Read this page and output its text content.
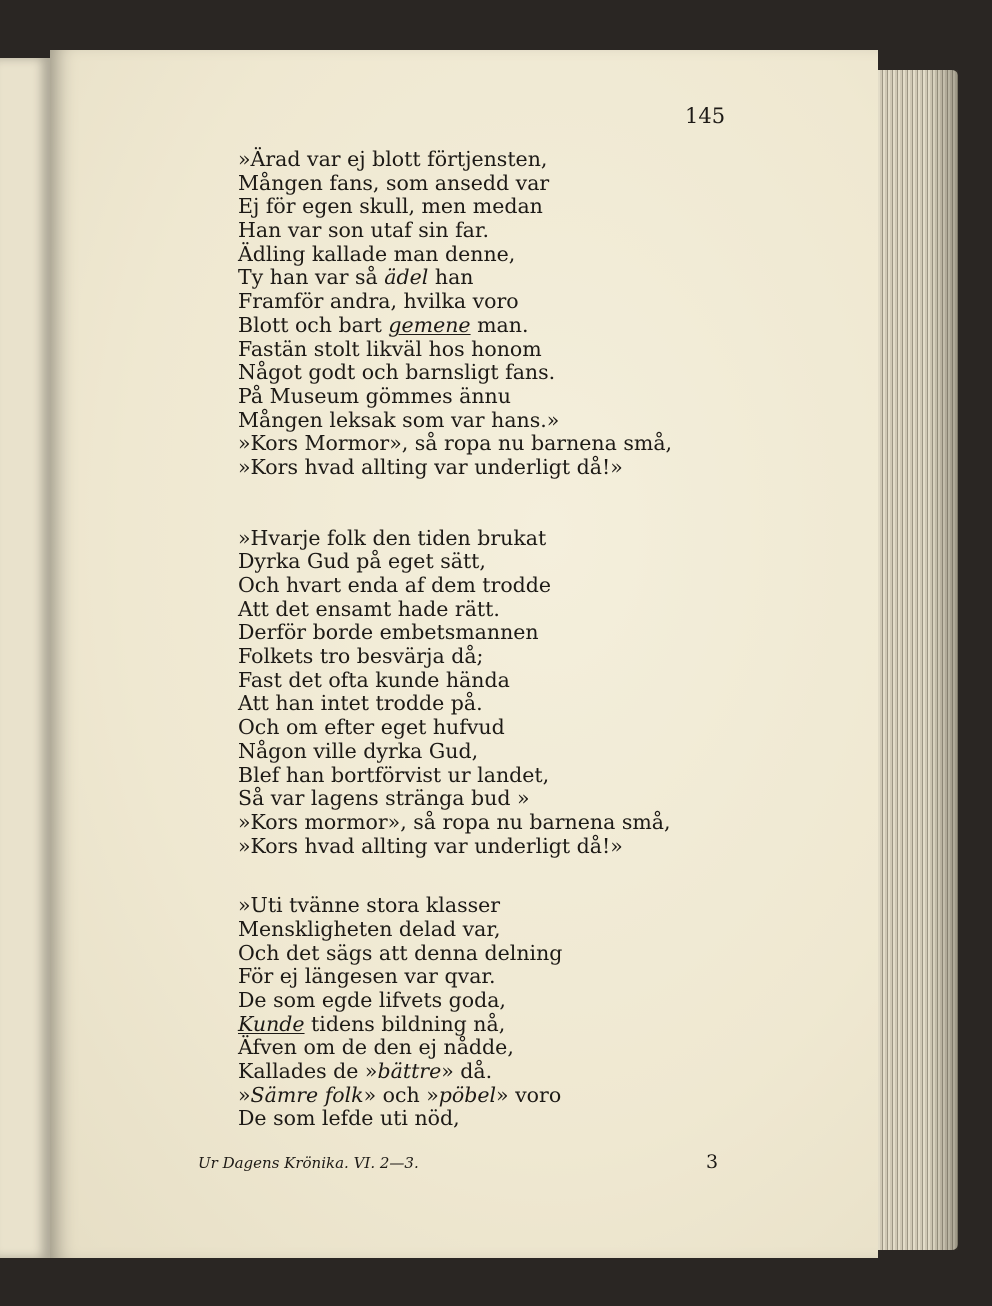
145
»Ärad var ej blott förtjensten,
Mången fans, som ansedd var
Ej för egen skull, men medan
Han var son utaf sin far.
Ädling kallade man denne,
Ty han var så ädel han
Framför andra, hvilka voro
Blott och bart gemene man.
Fastän stolt likväl hos honom
Något godt och barnsligt fans.
På Museum gömmes ännu
Mången leksak som var hans.»
»Kors Mormor», så ropa nu barnena små,
»Kors hvad allting var underligt då!»
»Hvarje folk den tiden brukat
Dyrka Gud på eget sätt,
Och hvart enda af dem trodde
Att det ensamt hade rätt.
Derför borde embetsmannen
Folkets tro besvärja då;
Fast det ofta kunde hända
Att han intet trodde på.
Och om efter eget hufvud
Någon ville dyrka Gud,
Blef han bortförvist ur landet,
Så var lagens stränga bud »
»Kors mormor», så ropa nu barnena små,
»Kors hvad allting var underligt då!»
»Uti tvänne stora klasser
Menskligheten delad var,
Och det sägs att denna delning
För ej längesen var qvar.
De som egde lifvets goda,
Kunde tidens bildning nå,
Äfven om de den ej nådde,
Kallades de »bättre» då.
»Sämre folk» och »pöbel» voro
De som lefde uti nöd,
Ur Dagens Krönika. VI. 2—3.	3
